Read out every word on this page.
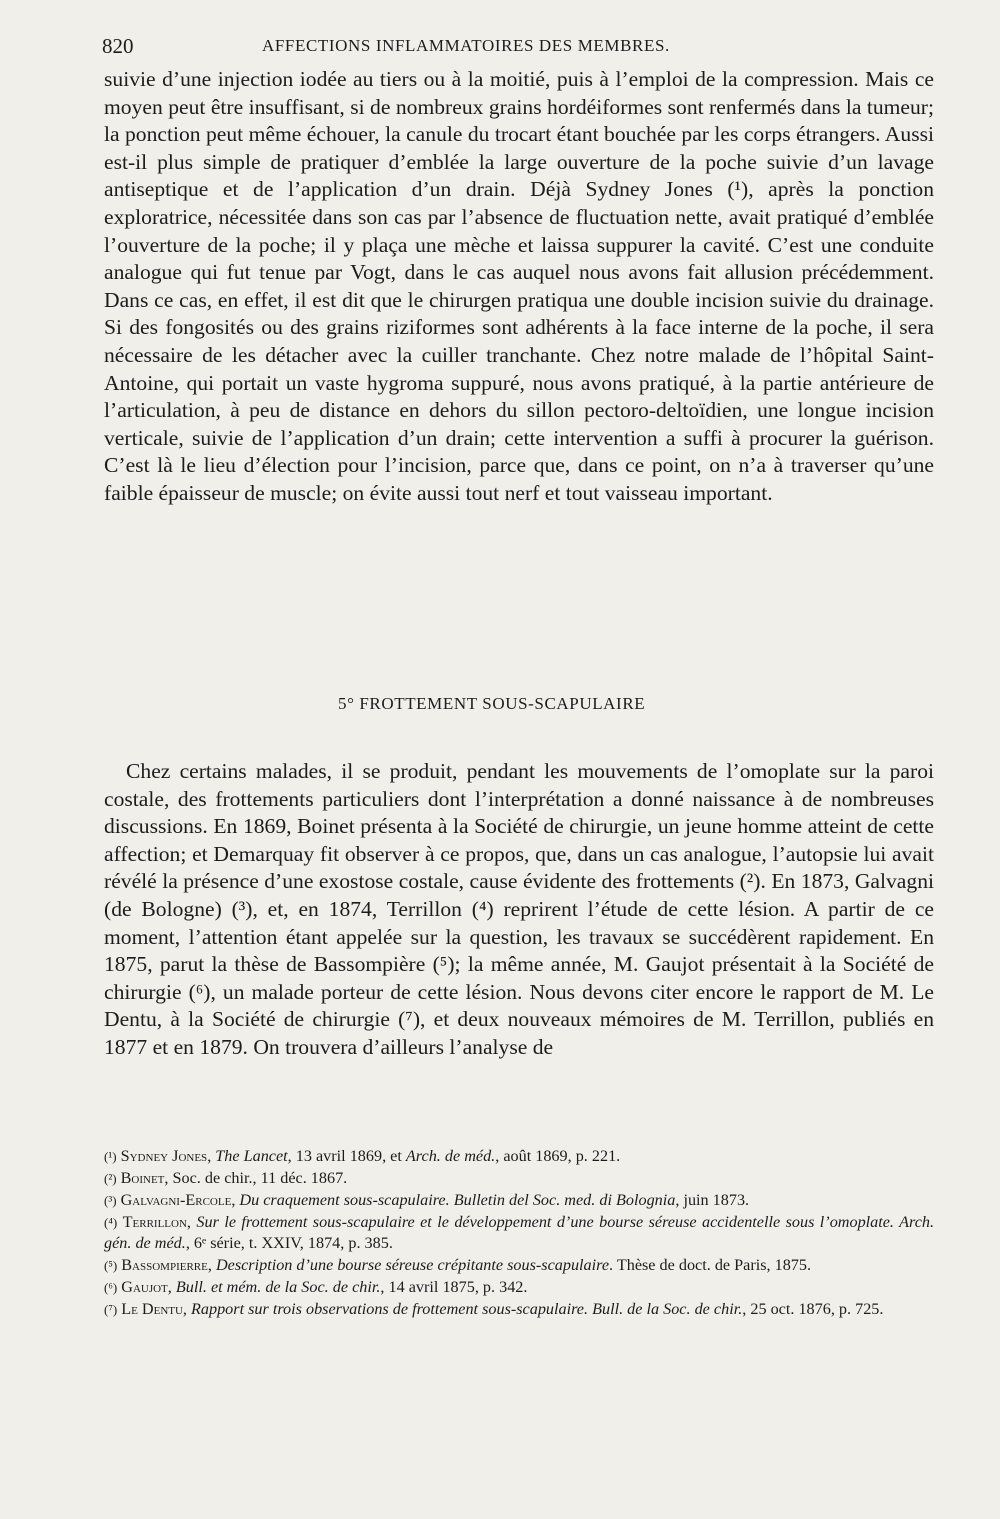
820	AFFECTIONS INFLAMMATOIRES DES MEMBRES.

suivie d’une injection iodée au tiers ou à la moitié, puis à l’emploi de la compression. Mais ce moyen peut être insuffisant, si de nombreux grains hordéiformes sont renfermés dans la tumeur; la ponction peut même échouer, la canule du trocart étant bouchée par les corps étrangers. Aussi est-il plus simple de pratiquer d’emblée la large ouverture de la poche suivie d’un lavage antiseptique et de l’application d’un drain. Déjà Sydney Jones (¹), après la ponction exploratrice, nécessitée dans son cas par l’absence de fluctuation nette, avait pratiqué d’emblée l’ouverture de la poche; il y plaça une mèche et laissa suppurer la cavité. C’est une conduite analogue qui fut tenue par Vogt, dans le cas auquel nous avons fait allusion précédemment. Dans ce cas, en effet, il est dit que le chirurgen pratiqua une double incision suivie du drainage. Si des fongosités ou des grains riziformes sont adhérents à la face interne de la poche, il sera nécessaire de les détacher avec la cuiller tranchante. Chez notre malade de l’hôpital Saint-Antoine, qui portait un vaste hygroma suppuré, nous avons pratiqué, à la partie antérieure de l’articulation, à peu de distance en dehors du sillon pectoro-deltoïdien, une longue incision verticale, suivie de l’application d’un drain; cette intervention a suffi à procurer la guérison. C’est là le lieu d’élection pour l’incision, parce que, dans ce point, on n’a à traverser qu’une faible épaisseur de muscle; on évite aussi tout nerf et tout vaisseau important.

5° FROTTEMENT SOUS-SCAPULAIRE

Chez certains malades, il se produit, pendant les mouvements de l’omoplate sur la paroi costale, des frottements particuliers dont l’interprétation a donné naissance à de nombreuses discussions. En 1869, Boinet présenta à la Société de chirurgie, un jeune homme atteint de cette affection; et Demarquay fit observer à ce propos, que, dans un cas analogue, l’autopsie lui avait révélé la présence d’une exostose costale, cause évidente des frottements (²). En 1873, Galvagni (de Bologne) (³), et, en 1874, Terrillon (⁴) reprirent l’étude de cette lésion. A partir de ce moment, l’attention étant appelée sur la question, les travaux se succédèrent rapidement. En 1875, parut la thèse de Bassompière (⁵); la même année, M. Gaujot présentait à la Société de chirurgie (⁶), un malade porteur de cette lésion. Nous devons citer encore le rapport de M. Le Dentu, à la Société de chirurgie (⁷), et deux nouveaux mémoires de M. Terrillon, publiés en 1877 et en 1879. On trouvera d’ailleurs l’analyse de

(¹) Sydney Jones, The Lancet, 13 avril 1869, et Arch. de méd., août 1869, p. 221.

(²) Boinet, Soc. de chir., 11 déc. 1867.

(³) Galvagni-Ercole, Du craquement sous-scapulaire. Bulletin del Soc. med. di Bolognia, juin 1873.

(⁴) Terrillon, Sur le frottement sous-scapulaire et le développement d’une bourse séreuse accidentelle sous l’omoplate. Arch. gén. de méd., 6ᵉ série, t. XXIV, 1874, p. 385.

(⁵) Bassompierre, Description d’une bourse séreuse crépitante sous-scapulaire. Thèse de doct. de Paris, 1875.

(⁶) Gaujot, Bull. et mém. de la Soc. de chir., 14 avril 1875, p. 342.

(⁷) Le Dentu, Rapport sur trois observations de frottement sous-scapulaire. Bull. de la Soc. de chir., 25 oct. 1876, p. 725.
